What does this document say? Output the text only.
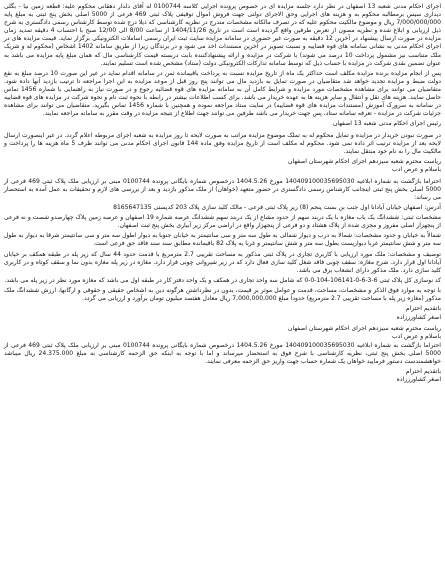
اجرای احکام مدنی شعبه 13 اصفهان در نظر دارد جلسه مزایده ای در خصوص پرونده اجرایی کلاسه 0100744 له آقای دلدار دهقانی محکوم علیه: قطعه زمین نیا - بگلی دیداری سیس برمطالبه محکوم به و هزینه های اجرایی وحق الاجرای دولتی جهت فروش اموال توقیفی پلاک ثبتی 469 فرعی از 5000 اصلی بخش پنج ثبتی به مبلغ پایه 7/000/000/000 ریال و موضوع مالکیت محکوم علیه که در تصرف مالکانه مشخصات مندرج در نظریه کارشناسی که ذیلا درج شده توسط کارشناس رسمی دادگستری به شرح ذیل ارزیابی و ابلاغ شده و نظریه مصون از تعرض طرفین واقع گردیده است است در تاریخ 1404/11/26 از ساعت 8/00 الی 12/00 صبح با احتساب 4 دقیقه تمدید زمان مزایده در صورت ارسال پیشنهاد در آخرین 12 دقیقه به صورت غیر حضوری در سامانه مزایده سایت ثبت ایران رسمی اساملات الکترونیکی برگزار نماید. قیمت مزایده های در اجرای احکام مدنی به نشانی سامانه های قوه قضاییه و نسبت تصویر در آخرین مستندات اخذ می شود و در برندگان زیرا از طریق سامانه 1402 اشخاص (محکوم له و شریک ملک متناسب نیز مشمول پرداخت 10 درصد می شوند) یا شرکت در مزایده و ارائه پیشنهادکننده بابت دربسته قیمت کارشناسی مال که همان مبلغ پایه مزایده می باشد به عنوان تضمین نقدی شرکت در مزایده با حساب ذیل که توسط سامانه تدارکات الکترونیکی دولت (ستاد) مشخص شده است تسلیم نمایند.

پس از انجام مزایده برنده مزایده مکلف است حداکثر یک ماه از تاریخ مزایده نسبت به پرداخت باقیمانده ثمن در سامانه اقدام نماید در غیر این صورت 10 درصد مبلغ به نفع دولت ضبط و مزایده تجدید خواهد شد متقاضیان در صورت تمایل به بازدید مال می توانند پنج روز قبل از موعد مزایده به این اجرا مراجعه تا ترتیب بازدید آنها داده شود. متقاضیان می توانند برای مشاهده مشخصات مورد مزایده و شرایط کامل آن به سامانه مزایده های قوه قضائیه رجوع و در صورت نیاز به راهنمایی با شماره 1456 تماس حاصل نمایند. هزینه های نقل و انتقال و سایر هزینه ها به عهده خریدار می باشد. برای کسب اطلاعات بیشتر در رابطه با نحوه ثبت نام و نحوه شرکت در مزایده های قوه قضاییه در سامانه به سرورک آموزش (مستندات مزایده های قوه قضاییه) در سایت ستاد مراجعه نموده و همچنین با شماره 1456 تماس بگیرید. متقاضیان می توانند برای مشاهده جزئیات شرکت در مزایده - تعرفه سامانه ستاد، پس جهت خریدار می باشد طرفین می توانند جهت اطلاع از نتیجه مزایده در وقت مقرر به سامانه مراجعه نمایند.

رئیس اجرای احکام مدنی شعبه 13 اصفهان

در صورت نبودن خریدار در مزایده و تمایل محکوم له به تملک موضوع مزایده مراتب به صورت لایحه تا روز مزایده به شعبه اجرای مربوطه اعلام گردد. در غیر اینصورت ارسال لایحه بعد از مزایده ترتیب اثر داده نمی شود. محکوم له مکلف است از تاریخ مزایده وفق ماده 144 قانون اجرای احکام مدنی می توانند ظرف 5 ماه هزینه ها را پرداخت و مالکیت مال را به نام خود منتقل نمایند.

ریاست محترم شعبه سیزدهم اجرای احکام شهرستان اصفهان

باسلام و عرض ادب

احتراما بازگشت به شماره ابلاغیه 140409100035695030 مورخ 1404.5.26 درخصوص شماره بایگانی پرونده 0100744 مبنی بر ارزیابی ملک پلاک ثبتی 469 فرعی از 5000 اصلی بخش پنج ثبتی اینجانب کارشناس رسمی دادگستری در حضور متعهد (خواهان) از ملک مذکور بازدید و بعد از بررسی های لازم و تحقیقات به عمل آمده به استحضار می رساند:

آدرس: اصفهان خیابان آیادانا اول جنب بن بست پنجم (8) زیر پلاک ثبتی فرعی - مالک کلید سازی پلاک 203 کدپستی 8165647135

مشخصات ثبتی: ششدانگ یک باب مغازه با یک دربند سهم از حدود مشاع از یک دربند سهم ششدانگ عرصه شماره 19 اصفهان و عرصه زمین پلاک چهارصدو شصت و نه فرعی از پنجهزار اصلی مفروز و مجزی شده از پلاک هشتاد و دو فرعی از پنجهزار واقع در اراضی مرکز زیر آبیاری بخش پنج ثبت اصفهان.

شمالاً به خیابان و حدود مشخصات: شمالا به درب و دیوار شمالی به طول سه متر و سی سانتیمتر به خیابان جنوبا به دیوار اطول سه متر و سی سانتیمتر شرقا به دیوار به طول سه متر و شش سانتیمتر غربا دیواریست بطول سه متر و شش سانتیمتر و غربا به پلاک 82 باقیمانده مطابق سند سند فاقد حق فرعی است.

توصیف و مشخصات: ملک مورد ارزیابی با کاربری تجاری در پلاک ثبتی مذکور به مساحت تقریبی 2.7 مترمربع با قدمت حدود 44 سال که زیر پله در طبقه همکف بر خیابان آیادانا اول قرار دارد. شرح مغازه: سقف چوبی فاقد شغل کلید سازی فعال دارد که در زیر شیروانی چوبی قرار دارد. مغازه در زیر پله مغازه بدون نما و سقف کوتاه و در کاربری کلید سازی دارد. ملک مذکور دارای انشعاب برق می باشد.

کد نوسازی کل پلاک ثبتی 6-3-6-0-106141-104-0-0 که شامل سه واحد تجاری در همکف و یک واحد دفتر کار در طبقه اول می باشد که مغازه مورد نظر در زیر پله می باشد.

با توجه به موارد فوق الذکر و مشخصات، مساحت، قدمت و عوامل موثر بر قیمت، بدون در نظرداشتن هرگونه دین به اشخاص حقیقی و حقوقی و ارگانها، ارزش ششدانگ ملک مذکور (مغازه زیر پله با مساحت تقریبی 2.7 مترمربع) حدوداً مبلغ 7,000,000,000 ریال معادل هفتصد میلیون تومان برآورد و ارزیابی می گردد.

باتقدیم احترام

اصغر کشاورززاده

ریاست محترم شعبه سیزدهم اجرای احکام شهرستان اصفهان

باسلام و عرض ادب

احتراما بازگشت به شماره ابلاغیه 140409100035695030 مورخ 1404.5.26 درخصوص شماره بایگانی پرونده 0100744 مبنی بر ارزیابی ملک پلاک ثبتی 469 فرعی از 5000 اصلی بخش پنج ثبتی، نظریه کارشناسی با شرح فوق به استحضار میرساند و اما با توجه به اینکه حق الزحمه کارشناسی به مبلغ 24.375.000 ریال میباشد خواهشمندست دستور فرمایید خواهان یک شماره حساب جهت واریز حق الزحمه معرفی نمایند.

باتقدیم احترام

اصغر کشاورززاده
